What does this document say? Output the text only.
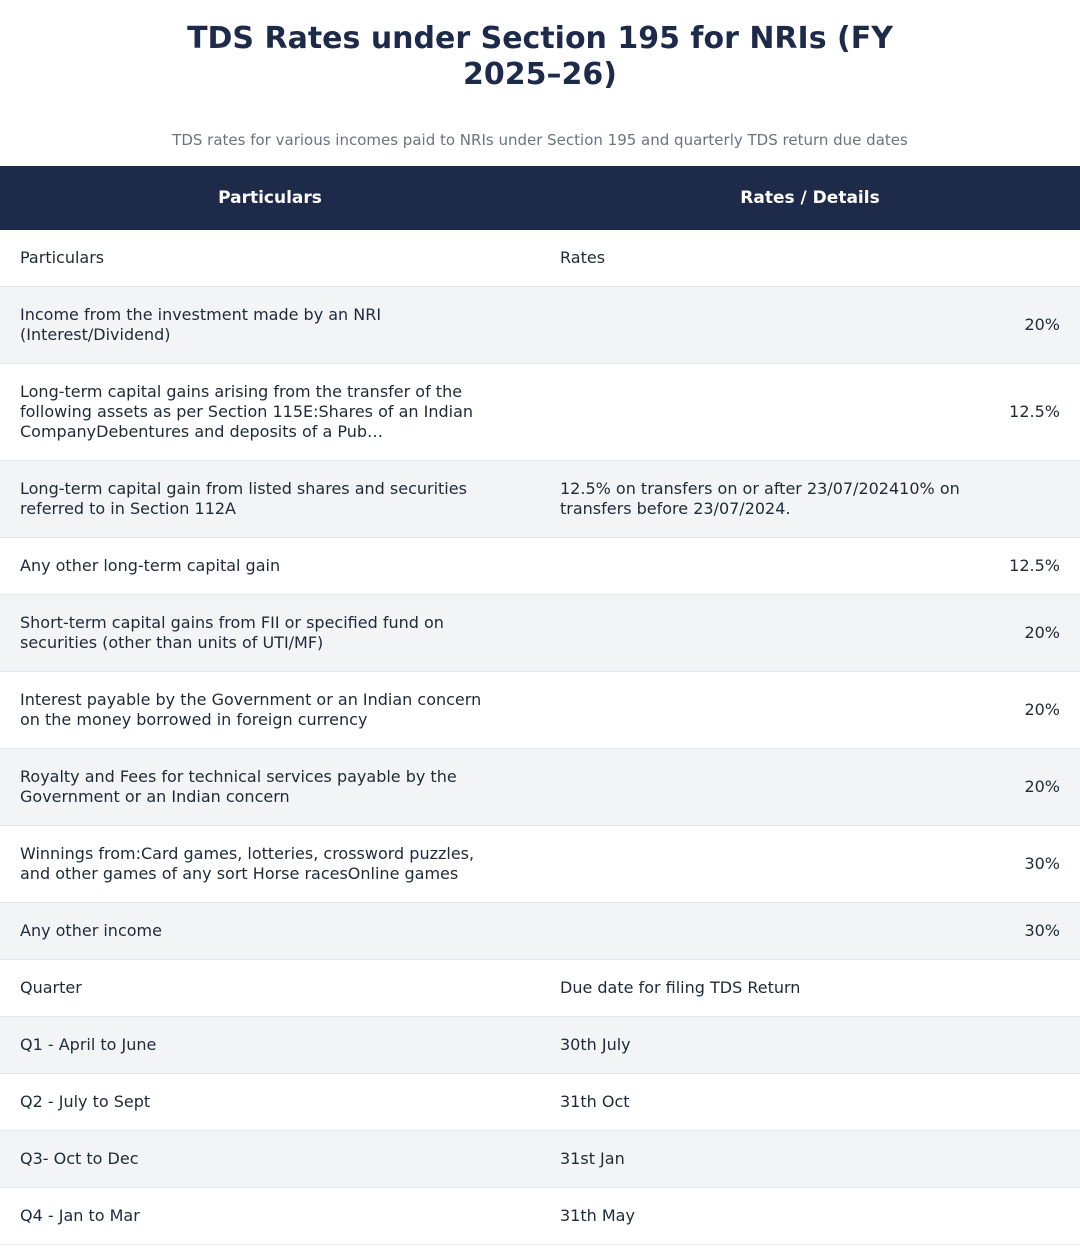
TDS Rates under Section 195 for NRIs (FY 2025–26)

TDS rates for various incomes paid to NRIs under Section 195 and quarterly TDS return due dates

Particulars	Rates / Details

Particulars	Rates

Income from the investment made by an NRI (Interest/Dividend)	20%

Long-term capital gains arising from the transfer of the following assets as per Section 115E:Shares of an Indian CompanyDebentures and deposits of a Pub…	12.5%

Long-term capital gain from listed shares and securities referred to in Section 112A	12.5% on transfers on or after 23/07/202410% on transfers before 23/07/2024.

Any other long-term capital gain	12.5%

Short-term capital gains from FII or specified fund on securities (other than units of UTI/MF)	20%

Interest payable by the Government or an Indian concern on the money borrowed in foreign currency	20%

Royalty and Fees for technical services payable by the Government or an Indian concern	20%

Winnings from:Card games, lotteries, crossword puzzles, and other games of any sort Horse racesOnline games	30%

Any other income	30%

Quarter	Due date for filing TDS Return

Q1 - April to June	30th July

Q2 - July to Sept	31th Oct

Q3- Oct to Dec	31st Jan

Q4 - Jan to Mar	31th May
